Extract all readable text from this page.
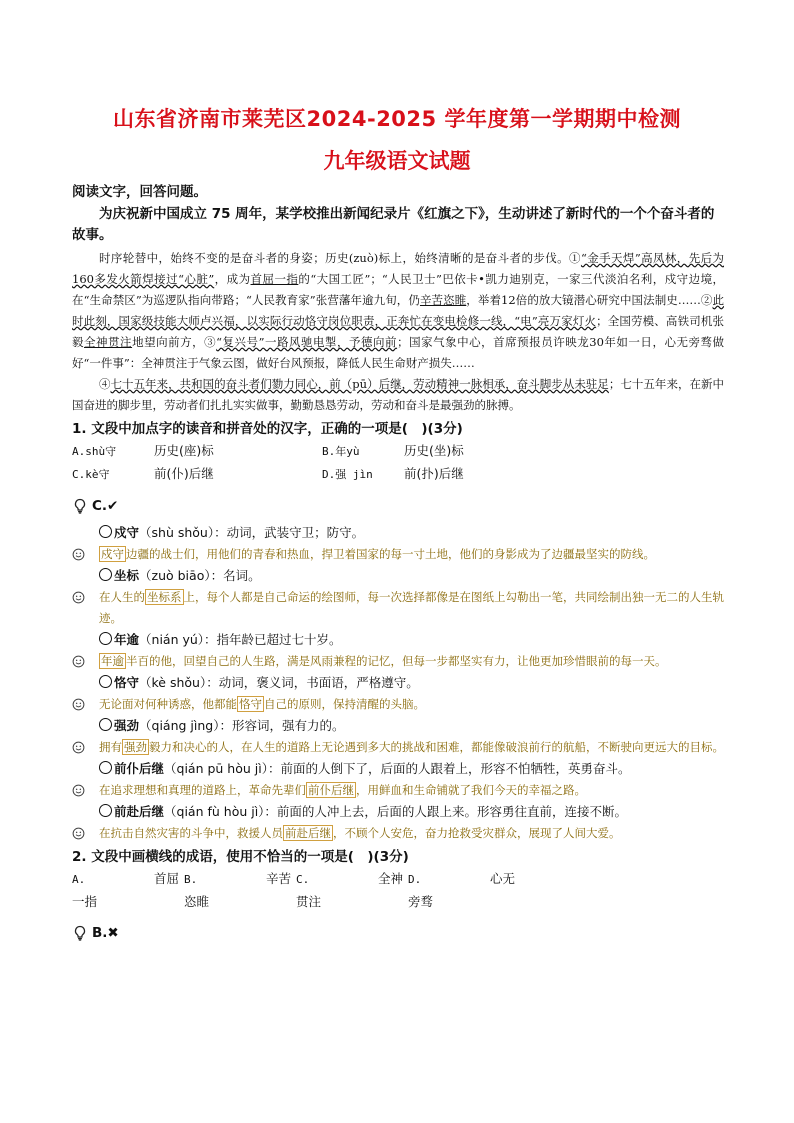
山东省济南市莱芜区2024-2025 学年度第一学期期中检测
九年级语文试题
阅读文字，回答问题。
为庆祝新中国成立 75 周年，某学校推出新闻纪录片《红旗之下》，生动讲述了新时代的一个个奋斗者的故事。

时序轮替中，始终不变的是奋斗者的身姿；历史(zuò)标上，始终清晰的是奋斗者的步伐。①“金手天焊”高凤林，先后为160多发火箭焊接过“心脏”，成为首屈一指的“大国工匠”；“人民卫士”巴依卡•凯力迪别克，一家三代淡泊名利，戍守边境，在“生命禁区”为巡逻队指向带路；“人民教育家”张营藩年逾九旬，仍辛苦恣睢，举着12倍的放大镜潜心研究中国法制史……②此时此刻，国家级技能大师卢兴福，以实际行动恪守岗位职责，正奔忙在变电检修一线，“电”亮万家灯火；全国劳模、高铁司机张毅全神贯注地望向前方，③“复兴号”一路风驰电掣，予德向前；国家气象中心，首席预报员许映龙30年如一日，心无旁骛做好“一件事”：全神贯注于气象云图，做好台风预报，降低人民生命财产损失……

④七十五年来，共和国的奋斗者们勠力同心，前（pū）后继，劳动精神一脉相承，奋斗脚步从未驻足；七十五年来，在新中国奋进的脚步里，劳动者们扎扎实实做事，勤勤恳恳劳动，劳动和奋斗是最强劲的脉搏。

1. 文段中加点字的读音和拼音处的汉字，正确的一项是(　)(3分)
A.shù守	历史(座)标	B.年yù	历史(坐)标
C.kè守	前(仆)后继	D.强 jìn	前(扑)后继
C.✔
戍守（shù shǒu）：动词，武装守卫；防守。
戍守 边疆的战士们，用他们的青春和热血，捍卫着国家的每一寸土地，他们的身影成为了边疆最坚实的防线。
坐标（zuò biāo）：名词。
在人生的 坐标系 上，每个人都是自己命运的绘图师，每一次选择都像是在图纸上勾勒出一笔，共同绘制出独一无二的人生轨迹。
年逾（nián yú）：指年龄已超过七十岁。
年逾 半百的他，回望自己的人生路，满是风雨兼程的记忆，但每一步都坚实有力，让他更加珍惜眼前的每一天。
恪守（kè shǒu）：动词，褒义词，书面语，严格遵守。
无论面对何种诱惑，他都能 恪守 自己的原则，保持清醒的头脑。
强劲（qiáng jìng）：形容词，强有力的。
拥有 强劲 毅力和决心的人，在人生的道路上无论遇到多大的挑战和困难，都能像破浪前行的航船，不断驶向更远大的目标。
前仆后继（qián pū hòu jì）：前面的人倒下了，后面的人跟着上，形容不怕牺牲，英勇奋斗。
在追求理想和真理的道路上，革命先辈们 前仆后继 ，用鲜血和生命铺就了我们今天的幸福之路。
前赴后继（qián fù hòu jì）：前面的人冲上去，后面的人跟上来。形容勇往直前，连接不断。
在抗击自然灾害的斗争中，救援人员 前赴后继 ，不顾个人安危，奋力抢救受灾群众，展现了人间大爱。
2. 文段中画横线的成语，使用不恰当的一项是(　)(3分)
A.	首屈一指
B.	辛苦恣睢
C.	全神贯注
D.	心无旁骛
B.✖
